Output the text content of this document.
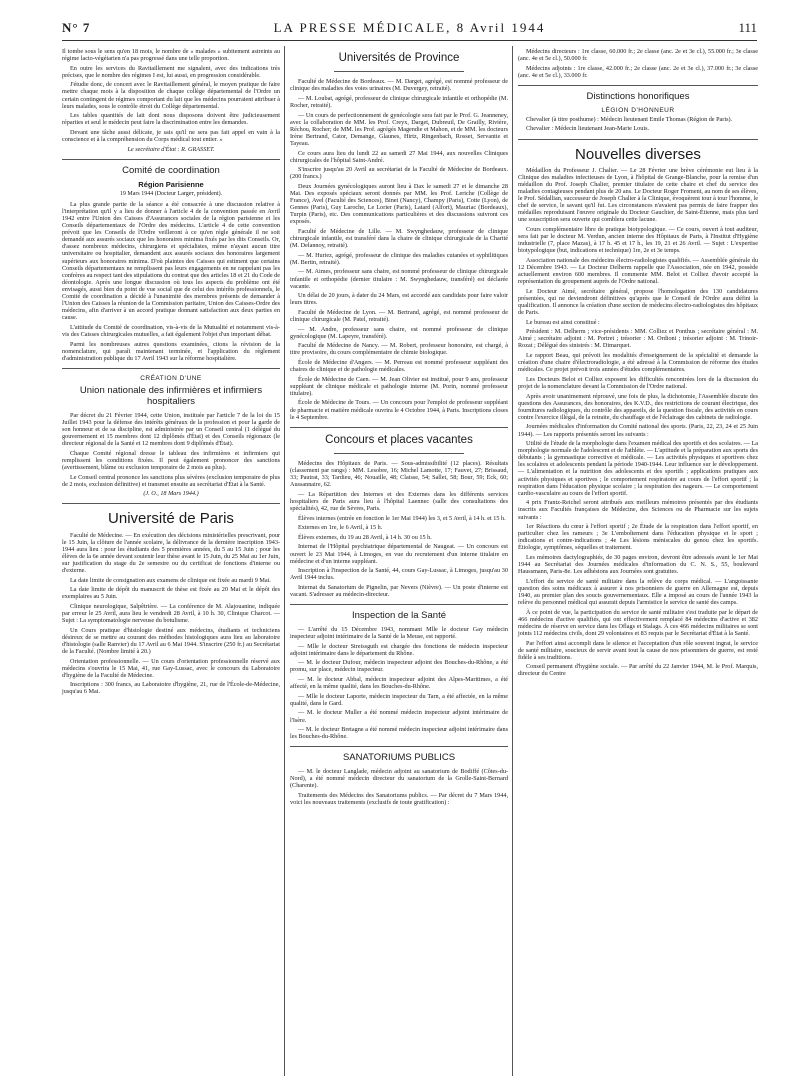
N° 7	LA PRESSE MÉDICALE, 8 Avril 1944	111

Il tombe sous le sens qu'en 18 mois, le nombre de « malades » subitement astreints au régime lacto-végétarien n'a pas progressé dans une telle proportion.

En outre les services du Ravitaillement me signalent, avec des indications très précises, que le nombre des régimes I est, lui aussi, en progression considérable.

J'étudie donc, de concert avec le Ravitaillement général, le moyen pratique de faire mettre chaque mois à la disposition de chaque collège départemental de l'Ordre un certain contingent de régimes comportant du lait que les médecins pourraient attribuer à leurs malades, sous le contrôle étroit du Collège départemental.

Les tables quantités de lait dont nous disposons doivent être judicieusement réparties et seul le médecin peut faire la discrimination entre les demandes.

Devant une tâche aussi délicate, je sais qu'il ne sera pas fait appel en vain à la conscience et à la compréhension du Corps médical tout entier. »

Le secrétaire d'État : R. GRASSET.
Comité de coordination
Région Parisienne
19 Mars 1944 (Docteur Largет, président).

La plus grande partie de la séance a été consacrée à une discussion relative à l'interprétation qu'il y a lieu de donner à l'article 4 de la convention passée en Avril 1942 entre l'Union des Caisses d'Assurances sociales de la région parisienne et les Conseils départementaux de l'Ordre des médecins. L'article 4 de cette convention prévoit que les Conseils de l'Ordre veilleront à ce qu'en règle générale il ne soit demandé aux assurés sociaux que les honoraires minima fixés par les dits Conseils. Or, d'assez nombreux médecins, chirurgiens et spécialistes, même n'ayant aucun titre universitaire ou hospitalier, demandent aux assurés sociaux des honoraires largement supérieurs aux honoraires minima. D'où plaintes des Caisses qui estiment que certains Conseils départementaux ne remplissent pas leurs engagements en ne rappelant pas les confrères au respect tant des stipulations du contrat que des articles 18 et 21 du Code de déontologie. Après une longue discussion où tous les aspects du problème ont été envisagés, aussi bien du point de vue social que de celui des intérêts professionnels, le Comité de coordination a décidé à l'unanimité des membres présents de demander à l'Union des Caisses la réunion de la Commission paritaire, Union des Caisses-Ordre des médecins, afin d'arriver à un accord pratique donnant satisfaction aux deux parties en cause.

L'attitude du Comité de coordination, vis-à-vis de la Mutualité et notamment vis-à-vis des Caisses chirurgicales mutuelles, a fait également l'objet d'un important débat.

Parmi les nombreuses autres questions examinées, citons la révision de la nomenclature, qui paraît maintenant terminée, et l'application du règlement d'administration publique du 17 Avril 1943 sur la réforme hospitalière.

CRÉATION D'UNE
Union nationale des infirmières et infirmiers hospitaliers

Par décret du 21 Février 1944, cette Union, instituée par l'article 7 de la loi du 15 Juillet 1943 pour la défense des intérêts généraux de la profession et pour la garde de son honneur et de sa discipline, est administrée par un Conseil central (1 délégué du gouvernement et 15 membres dont 12 diplômés d'État) et des Conseils régionaux (le directeur régional de la Santé et 12 membres dont 9 diplômés d'État).

Chaque Comité régional dresse le tableau des infirmières et infirmiers qui remplissent les conditions fixées. Il peut également prononcer des sanctions (avertissement, blâme ou exclusion temporaire de 2 mois au plus).

Le Conseil central prononce les sanctions plus sévères (exclusion temporaire de plus de 2 mois, exclusion définitive) et transmet ensuite au secrétariat d'État à la Santé.

(J. O., 18 Mars 1944.)
Université de Paris

Faculté de Médecine. — En exécution des décisions ministérielles prescrivant, pour le 15 Juin, la clôture de l'année scolaire, la délivrance de la dernière inscription 1943-1944 aura lieu : pour les étudiants des 5 premières années, du 5 au 15 Juin ; pour les élèves de la 6e année devant soutenir leur thèse avant le 15 Juin, du 25 Mai au 1er Juin, sur justification du stage du 2e semestre ou du certificat de fonctions d'interne ou d'externe.

La date limite de consignation aux examens de clinique est fixée au mardi 9 Mai.

La date limite de dépôt du manuscrit de thèse est fixée au 20 Mai et le dépôt des exemplaires au 5 Juin.

Clinique neurologique, Salpêtrière. — La conférence de M. Alajouanine, indiquée par erreur le 25 Avril, aura lieu le vendredi 28 Avril, à 10 h. 30, Clinique Charcot. — Sujet : La symptomatologie nerveuse du botulisme.

Un Cours pratique d'histologie destiné aux médecins, étudiants et techniciens désireux de se mettre au courant des méthodes histologiques aura lieu au laboratoire d'histologie (salle Ranvier) du 17 Avril au 6 Mai 1944. S'inscrire (250 fr.) au Secrétariat de la Faculté. (Nombre limité à 20.)

Orientation professionnelle. — Un cours d'orientation professionnelle réservé aux médecins s'ouvrira le 15 Mai, 41, rue Gay-Lussac, avec le concours du Laboratoire d'hygiène de la Faculté de Médecine.

Inscriptions : 300 francs, au Laboratoire d'hygiène, 21, rue de l'École-de-Médecine, jusqu'au 6 Mai.

Universités de Province

Faculté de Médecine de Bordeaux. — M. Darget, agrégé, est nommé professeur de clinique des maladies des voies urinaires (M. Duvergey, retraité).

— M. Loubat, agrégé, professeur de clinique chirurgicale infantile et orthopédie (M. Rocher, retraité).

— Un cours de perfectionnement de gynécologie sera fait par le Prof. G. Jeanneney, avec la collaboration de MM. les Prof. Creyx, Darget, Dubreuil, De Grailly, Rivière, Réchou, Rocher; de MM. les Prof. agrégés Magendie et Mahon, et de MM. les docteurs Irène Bertrand, Cator, Demange, Glaunes, Hirtz, Ringenbach, Rosset, Servantie et Tayeau.

Ce cours aura lieu du lundi 22 au samedi 27 Mai 1944, aux nouvelles Cliniques chirurgicales de l'hôpital Saint-André.

S'inscrire jusqu'au 20 Avril au secrétariat de la Faculté de Médecine de Bordeaux. (200 francs.)

Deux Journées gynécologiques auront lieu à Dax le samedi 27 et le dimanche 28 Mai. Des exposés spéciaux seront donnés par MM. les Prof. Leriche (Collège de France), Avel (Faculté des Sciences), Binet (Nancy), Champy (Paris), Cotte (Lyon), de Gennes (Paris), Guy Laroche, Le Lorier (Paris), Latard (Alfort), Mauriac (Bordeaux), Turpin (Paris), etc. Des communications particulières et des discussions suivront ces exposés.

Faculté de Médecine de Lille. — M. Swynghedauw, professeur de clinique chirurgicale infantile, est transféré dans la chaire de clinique chirurgicale de la Charité (M. Delannoy, retraité).

— M. Huriez, agrégé, professeur de clinique des maladies cutanées et syphilitiques (M. Bertin, retraité).

— M. Aimes, professeur sans chaire, est nommé professeur de clinique chirurgicale infantile et orthopédie (dernier titulaire : M. Swynghedauw, transféré) est déclarée vacante.

Un délai de 20 jours, à dater du 24 Mars, est accordé aux candidats pour faire valoir leurs titres.

Faculté de Médecine de Lyon. — M. Bertrand, agrégé, est nommé professeur de clinique chirurgicale (M. Patel, retraité).

— M. Andre, professeur sans chaire, est nommé professeur de clinique gynécologique (M. Lapeyre, transféré).

Faculté de Médecine de Nancy. — M. Robert, professeur honoraire, est chargé, à titre provisoire, du cours complémentaire de chimie biologique.

École de Médecine d'Angers. — M. Perreau est nommé professeur suppléant des chaires de clinique et de pathologie médicales.

École de Médecine de Caen. — M. Jean Olivier est institué, pour 9 ans, professeur suppléant de clinique médicale et pathologie interne (M. Porin, nommé professeur titulaire).

École de Médecine de Tours. — Un concours pour l'emploi de professeur suppléant de pharmacie et matière médicale ouvrira le 4 Octobre 1944, à Paris. Inscriptions closes le 4 Septembre.

Concours et places vacantes

Médecins des Hôpitaux de Paris. — Sous-admissibilité (12 places). Résultats (classement par rangs) : MM. Lesobre, 16; Michel Lamotte, 17; Fauvet, 27; Brissaud, 33; Pautrat, 33; Tardieu, 46; Nouaille, 48; Claisse, 54; Sallet, 58; Bour, 59; Eck, 60; Aussannaire, 62.

— La Répartition des Internes et des Externes dans les différents services hospitaliers de Paris aura lieu à l'hôpital Laennec (salle des consultations des spécialités), 42, rue de Sèvres, Paris.

Élèves internes (entrée en fonction le 1er Mai 1944) les 3, et 5 Avril, à 14 h. et 15 h.

Externes en 1re, le 6 Avril, à 15 h.

Élèves externes, du 19 au 28 Avril, à 14 h. 30 ou 15 h.

Internat de l'Hôpital psychiatrique départemental de Naugeat. — Un concours est ouvert le 23 Mai 1944, à Limoges, en vue du recrutement d'un interne titulaire en médecine et d'un interne suppléant.

Inscription à l'inspection de la Santé, 44, cours Gay-Lussac, à Limoges, jusqu'au 30 Avril 1944 inclus.

Internat du Sanatorium de Pignelin, par Nevers (Nièvre). — Un poste d'interne est vacant. S'adresser au médecin-directeur.

Inspection de la Santé

— L'arrêté du 15 Décembre 1943, nommant Mlle le docteur Gay médecin inspecteur adjoint intérimaire de la Santé de la Meuse, est rapporté.

— Mlle le docteur Streissguth est chargée des fonctions de médecin inspecteur adjoint intérimaire dans le département du Rhône.

— M. le docteur Dufour, médecin inspecteur adjoint des Bouches-du-Rhône, a été promu, sur place, médecin inspecteur.

— M. le docteur Abbal, médecin inspecteur adjoint des Alpes-Maritimes, a été affecté, en la même qualité, dans les Bouches-du-Rhône.

— Mlle le docteur Laporte, médecin inspecteur du Tarn, a été affectée, en la même qualité, dans le Gard.

— M. le docteur Muller a été nommé médecin inspecteur adjoint intérimaire de l'Isère.

— M. le docteur Bretagne a été nommé médecin inspecteur adjoint intérimaire dans les Bouches-du-Rhône.

SANATORIUMS PUBLICS

— M. le docteur Langlade, médecin adjoint au sanatorium de Bodiffé (Côtes-du-Nord), a été nommé médecin directeur du sanatorium de la Grolle-Saint-Bernard (Charente).

Traitements des Médecins des Sanatoriums publics. — Par décret du 7 Mars 1944, voici les nouveaux traitements (exclusifs de toute gratification) :

Médecins directeurs : 1re classe, 60.000 fr.; 2e classe (anc. 2e et 3e cl.), 55.000 fr.; 3e classe (anc. 4e et 5e cl.), 50.000 fr.

Médecins adjoints : 1re classe, 42.000 fr.; 2e classe (anc. 2e et 3e cl.), 37.000 fr.; 3e classe (anc. 4e et 5e cl.), 33.000 fr.

Distinctions honorifiques
LÉGION D'HONNEUR

Chevalier (à titre posthume) : Médecin lieutenant Emile Thomas (Région de Paris).

Chevalier : Médecin lieutenant Jean-Marie Louis.

Nouvelles diverses

Médaillon du Professeur J. Chalier. — Le 28 Février une brève cérémonie eut lieu à la Clinique des maladies infectieuses de Lyon, à l'hôpital de Grange-Blanche, pour la remise d'un médaillon du Prof. Joseph Chalier, premier titulaire de cette chaire et chef du service des maladies contagieuses pendant plus de 20 ans. Le Docteur Roger Froment, au nom de ses élèves, le Prof. Sédallian, successeur de Joseph Chalier à la Clinique, évoquèrent tour à tour l'homme, le chef de service, le savant qu'il fut. Les circonstances n'avaient pas permis de faire frapper des médailles reproduisant l'œuvre originale du Docteur Gauchier, de Saint-Étienne, mais plus tard une souscription sera ouverte qui comblera cette lacune.

Cours complémentaire libre de pratique biotypologique. — Ce cours, ouvert à tout auditeur, sera fait par le docteur M. Verdun, ancien interne des Hôpitaux de Paris, à l'Institut d'Hygiène industrielle (7, place Mazas), à 17 h. 45 et 17 h., les 19, 21 et 26 Avril. — Sujet : L'expertise biotypologique (but, indications et technique) 1re, 2e et 3e temps.

Association nationale des médecins électro-radiologistes qualifiés. — Assemblée générale du 12 Décembre 1943. — Le Docteur Delherm rappelle que l'Association, née en 1942, possède actuellement environ 600 membres. Il commente MM. Belot et Colliez d'avoir accepté la représentation du groupement auprès de l'Ordre national.

Le Docteur Aimé, secrétaire général, propose l'homologation des 130 candidatures présentées, qui ne deviendront définitives qu'après que le Conseil de l'Ordre aura défini la qualification. Il annonce la création d'une section de médecins électro-radiologistes des hôpitaux de Paris.

Le bureau est ainsi constitué :

Président : M. Delherm ; vice-présidents : MM. Colliez et Ponthus ; secrétaire général : M. Aimé ; secrétaire adjoint : M. Portret ; trésorier : M. Ordioni ; trésorier adjoint : M. Trinoir-Rozat ; Délégué des sinistrés : M. Dimarquet.

Le rapport Beau, qui prévoit les modalités d'enseignement de la spécialité et demande la création d'une chaire d'électroradiologie, a été adressé à la Commission de réforme des études médicales. Ce projet prévoit trois années d'études complémentaires.

Les Docteurs Belot et Colliez exposent les difficultés rencontrées lors de la discussion du projet de la nomenclature devant la Commission de l'Ordre national.

Après avoir unanimement réprouvé, une fois de plus, la dichotomie, l'Assemblée discute des questions des Assurances, des honoraires, des K.V.D., des restrictions de courant électrique, des fournitures radiologiques, du contrôle des appareils, de la question fiscale, des activités en cours contre l'exercice illégal, de la retraite, du chauffage et de l'éclairage des cabinets de radiologie.

Journées médicales d'information du Comité national des sports. (Paris, 22, 23, 24 et 25 Juin 1944). — Les rapports présentés seront les suivants :

Utilité de l'étude de la morphologie dans l'examen médical des sportifs et des scolaires. — La morphologie normale de l'adolescent et de l'athlète. — L'aptitude et la préparation aux sports des débutants ; la gymnastique corrective et médicale. — Les activités physiques et sportives chez les scolaires et adolescents pendant la période 1940-1944. Leur influence sur le développement. — L'alimentation et la nutrition des adolescents et des sportifs ; applications pratiques aux activités physiques et sportives ; le comportement respiratoire au cours de l'effort sportif ; la respiration dans l'éducation physique scolaire ; la respiration des nageurs. — Le comportement cardio-vasculaire au cours de l'effort sportif.

4 prix Frantz-Reichel seront attribués aux meilleurs mémoires présentés par des étudiants inscrits aux Facultés françaises de Médecine, des Sciences ou de Pharmacie sur les sujets suivants :

1er Réactions du cœur à l'effort sportif ; 2e Étude de la respiration dans l'effort sportif, en particulier chez les rameurs ; 3e L'emboîtement dans l'éducation physique et le sport ; indications et contre-indications ; 4e Les lésions méniscales du genou chez les sportifs. Étiologie, symptômes, séquelles et traitement.

Les mémoires dactylographiés, de 30 pages environ, devront être adressés avant le 1er Mai 1944 au Secrétariat des Journées médicales d'information du C. N. S., 55, boulevard Haussmann, Paris-8e. Les adhésions aux Journées sont gratuites.

L'effort du service de santé militaire dans la relève du corps médical. — L'angoissante question des soins médicaux à assurer à nos prisonniers de guerre en Allemagne est, depuis 1940, au premier plan des soucis gouvernementaux. Elle a imposé au cours de l'année 1943 la relève du personnel médical qui assurait depuis l'armistice le service de santé des camps.

À ce point de vue, la participation du service de santé militaire s'est traduite par le départ de 466 médecins d'active qualifiés, qui ont effectivement remplacé 84 médecins d'active et 382 médecins de réserve en service dans les Oflags et Stalags. À ces 466 médecins militaires se sont joints 112 médecins civils, dont 29 volontaires et 83 requis par le Secrétariat d'État à la Santé.

Par l'effort ainsi accompli dans le silence et l'acceptation d'un rôle souvent ingrat, le service de santé militaire, soucieux de servir avant tout la cause de nos prisonniers de guerre, est resté fidèle à ses traditions.

Conseil permanent d'hygiène sociale. — Par arrêté du 22 Janvier 1944, M. le Prof. Marquis, directeur du Centre
